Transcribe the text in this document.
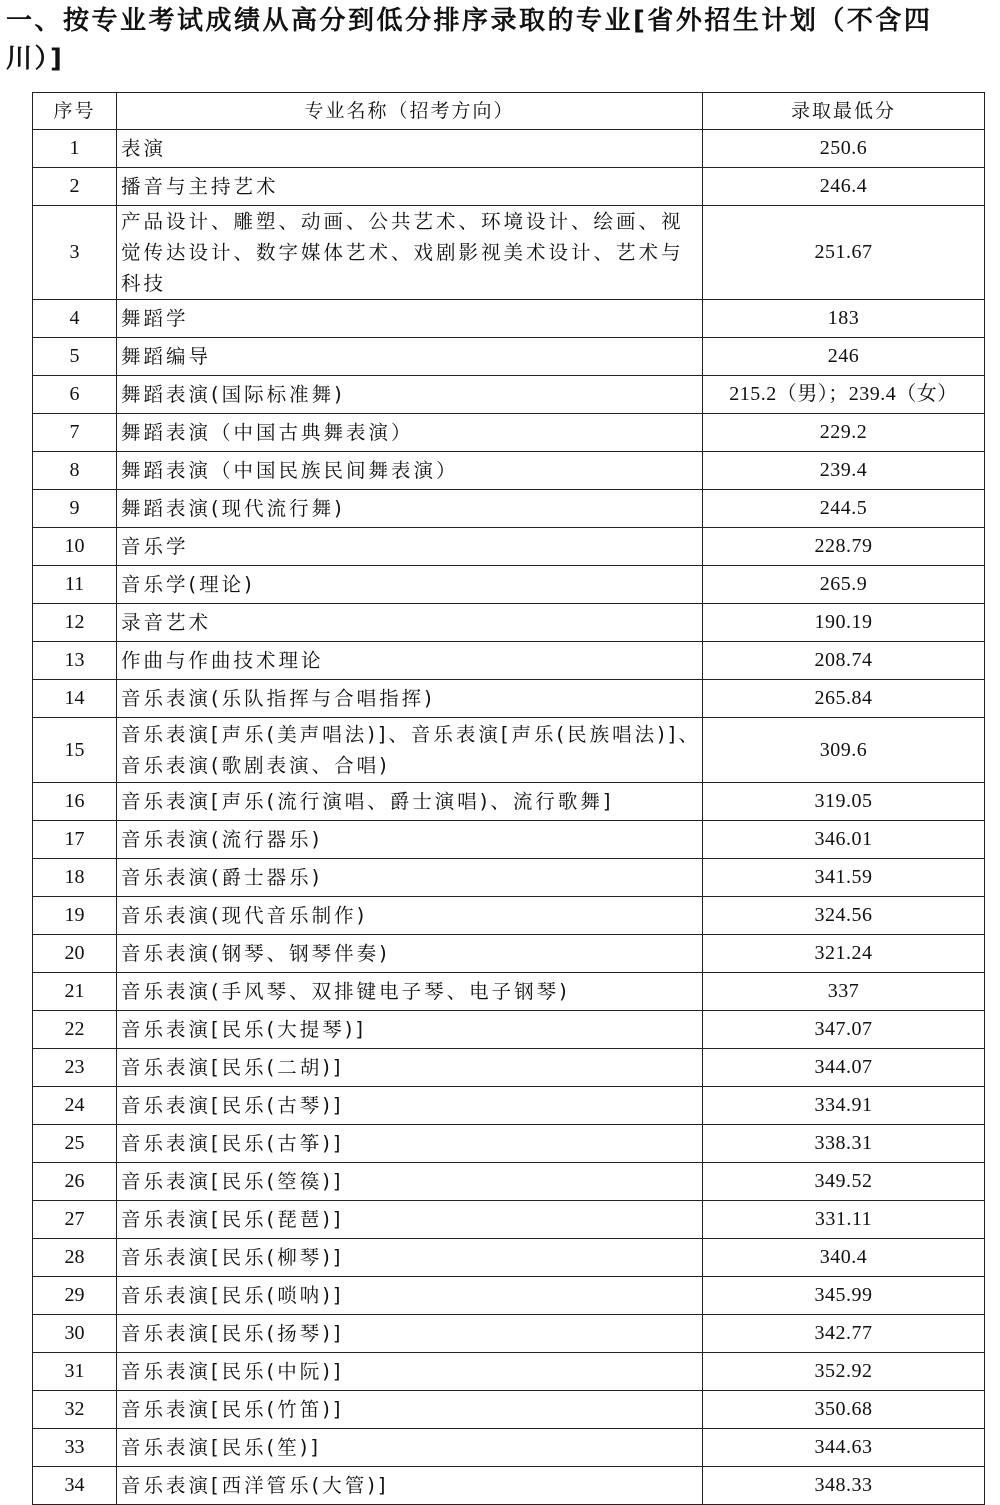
一、按专业考试成绩从高分到低分排序录取的专业[省外招生计划（不含四川）]
序号	专业名称（招考方向）	录取最低分
1	表演	250.6
2	播音与主持艺术	246.4
3	产品设计、雕塑、动画、公共艺术、环境设计、绘画、视觉传达设计、数字媒体艺术、戏剧影视美术设计、艺术与科技	251.67
4	舞蹈学	183
5	舞蹈编导	246
6	舞蹈表演(国际标准舞)	215.2（男）；239.4（女）
7	舞蹈表演（中国古典舞表演）	229.2
8	舞蹈表演（中国民族民间舞表演）	239.4
9	舞蹈表演(现代流行舞)	244.5
10	音乐学	228.79
11	音乐学(理论)	265.9
12	录音艺术	190.19
13	作曲与作曲技术理论	208.74
14	音乐表演(乐队指挥与合唱指挥)	265.84
15	音乐表演[声乐(美声唱法)]、音乐表演[声乐(民族唱法)]、音乐表演(歌剧表演、合唱)	309.6
16	音乐表演[声乐(流行演唱、爵士演唱)、流行歌舞]	319.05
17	音乐表演(流行器乐)	346.01
18	音乐表演(爵士器乐)	341.59
19	音乐表演(现代音乐制作)	324.56
20	音乐表演(钢琴、钢琴伴奏)	321.24
21	音乐表演(手风琴、双排键电子琴、电子钢琴)	337
22	音乐表演[民乐(大提琴)]	347.07
23	音乐表演[民乐(二胡)]	344.07
24	音乐表演[民乐(古琴)]	334.91
25	音乐表演[民乐(古筝)]	338.31
26	音乐表演[民乐(箜篌)]	349.52
27	音乐表演[民乐(琵琶)]	331.11
28	音乐表演[民乐(柳琴)]	340.4
29	音乐表演[民乐(唢呐)]	345.99
30	音乐表演[民乐(扬琴)]	342.77
31	音乐表演[民乐(中阮)]	352.92
32	音乐表演[民乐(竹笛)]	350.68
33	音乐表演[民乐(笙)]	344.63
34	音乐表演[西洋管乐(大管)]	348.33
